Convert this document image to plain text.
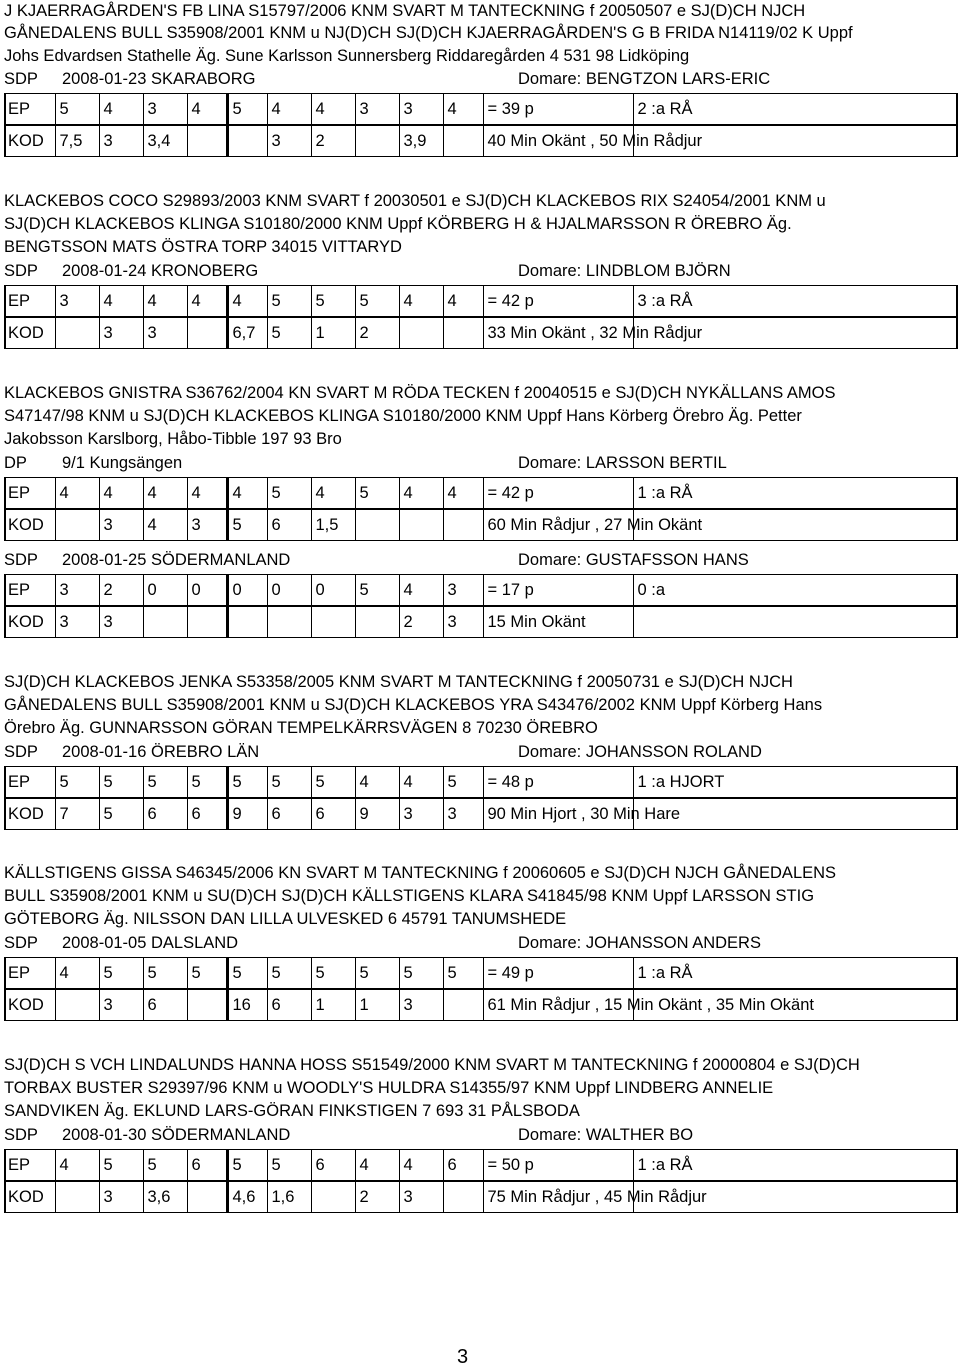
J KJAERRAGÅRDEN'S FB LINA S15797/2006 KNM SVART M TANTECKNING f 20050507 e SJ(D)CH NJCH
GÅNEDALENS BULL S35908/2001 KNM u NJ(D)CH SJ(D)CH KJAERRAGÅRDEN'S G B FRIDA N14119/02 K Uppf
Johs Edvardsen Stathelle Äg. Sune Karlsson Sunnersberg Riddaregården 4 531 98 Lidköping
SDP 2008-01-23 SKARABORG	Domare: BENGTZON LARS-ERIC
EP	5	4	3	4	5	4	4	3	3	4	= 39 p	2 :a RÅ
KOD	7,5	3	3,4			3	2		3,9		40 Min Okänt , 50 Min Rådjur	
KLACKEBOS COCO S29893/2003 KNM SVART f 20030501 e SJ(D)CH KLACKEBOS RIX S24054/2001 KNM u
SJ(D)CH KLACKEBOS KLINGA S10180/2000 KNM Uppf KÖRBERG H & HJALMARSSON R ÖREBRO Äg.
BENGTSSON MATS ÖSTRA TORP 34015 VITTARYD
SDP 2008-01-24 KRONOBERG	Domare: LINDBLOM BJÖRN
EP	3	4	4	4	4	5	5	5	4	4	= 42 p	3 :a RÅ
KOD		3	3		6,7	5	1	2			33 Min Okänt , 32 Min Rådjur	
KLACKEBOS GNISTRA S36762/2004 KN SVART M RÖDA TECKEN f 20040515 e SJ(D)CH NYKÄLLANS AMOS
S47147/98 KNM u SJ(D)CH KLACKEBOS KLINGA S10180/2000 KNM Uppf Hans Körberg Örebro Äg. Petter
Jakobsson Karslborg, Håbo-Tibble 197 93 Bro
DP 9/1 Kungsängen	Domare: LARSSON BERTIL
EP	4	4	4	4	4	5	4	5	4	4	= 42 p	1 :a RÅ
KOD		3	4	3	5	6	1,5				60 Min Rådjur , 27 Min Okänt	
SDP 2008-01-25 SÖDERMANLAND	Domare: GUSTAFSSON HANS
EP	3	2	0	0	0	0	0	5	4	3	= 17 p	0 :a
KOD	3	3							2	3	15 Min Okänt	
SJ(D)CH KLACKEBOS JENKA S53358/2005 KNM SVART M TANTECKNING f 20050731 e SJ(D)CH NJCH
GÅNEDALENS BULL S35908/2001 KNM u SJ(D)CH KLACKEBOS YRA S43476/2002 KNM Uppf Körberg Hans
Örebro Äg. GUNNARSSON GÖRAN TEMPELKÄRRSVÄGEN 8 70230 ÖREBRO
SDP 2008-01-16 ÖREBRO LÄN	Domare: JOHANSSON ROLAND
EP	5	5	5	5	5	5	5	4	4	5	= 48 p	1 :a HJORT
KOD	7	5	6	6	9	6	6	9	3	3	90 Min Hjort , 30 Min Hare	
KÄLLSTIGENS GISSA S46345/2006 KN SVART M TANTECKNING f 20060605 e SJ(D)CH NJCH GÅNEDALENS
BULL S35908/2001 KNM u SU(D)CH SJ(D)CH KÄLLSTIGENS KLARA S41845/98 KNM Uppf LARSSON STIG
GÖTEBORG Äg. NILSSON DAN LILLA ULVESKED 6 45791 TANUMSHEDE
SDP 2008-01-05 DALSLAND	Domare: JOHANSSON ANDERS
EP	4	5	5	5	5	5	5	5	5	5	= 49 p	1 :a RÅ
KOD		3	6		16	6	1	1	3		61 Min Rådjur , 15 Min Okänt , 35 Min Okänt	
SJ(D)CH S VCH LINDALUNDS HANNA HOSS S51549/2000 KNM SVART M TANTECKNING f 20000804 e SJ(D)CH
TORBAX BUSTER S29397/96 KNM u WOODLY'S HULDRA S14355/97 KNM Uppf LINDBERG ANNELIE
SANDVIKEN Äg. EKLUND LARS-GÖRAN FINKSTIGEN 7 693 31 PÅLSBODA
SDP 2008-01-30 SÖDERMANLAND	Domare: WALTHER BO
EP	4	5	5	6	5	5	6	4	4	6	= 50 p	1 :a RÅ
KOD		3	3,6		4,6	1,6		2	3		75 Min Rådjur , 45 Min Rådjur	
3
